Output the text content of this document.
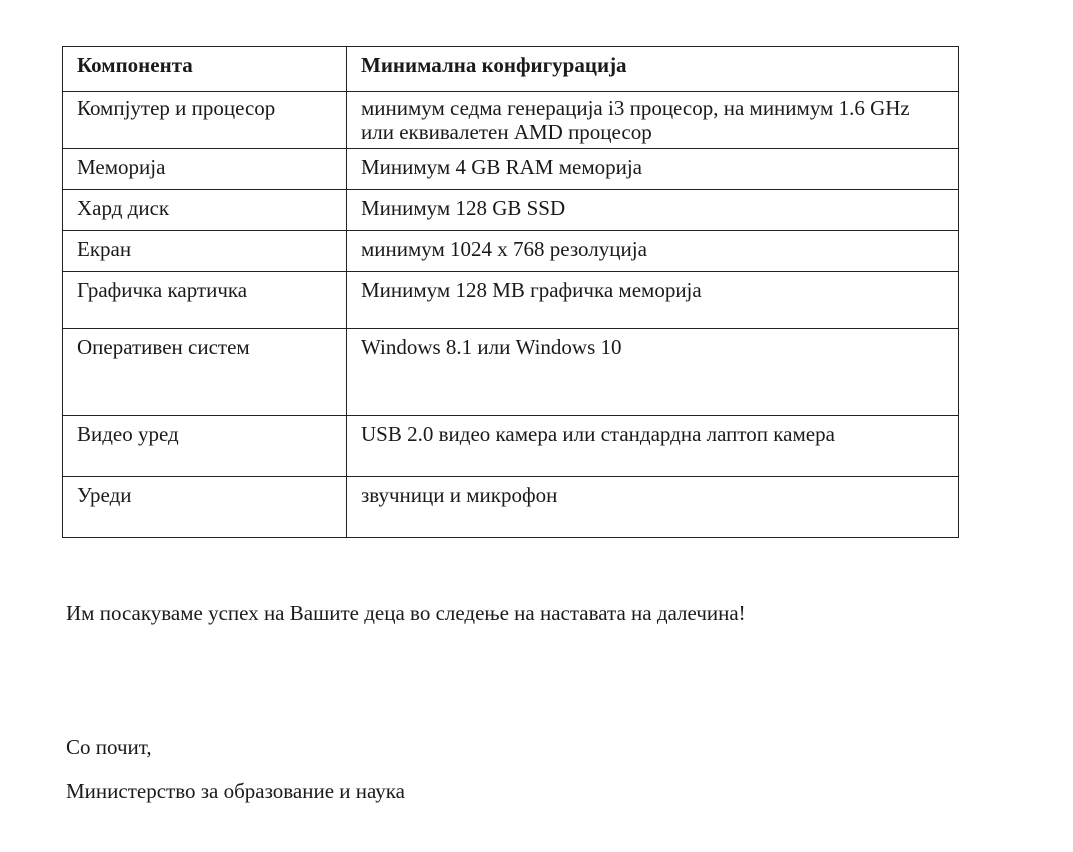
Компонента	Минимална конфигурација
Компјутер и процесор	минимум седма генерација i3 процесор, на минимум 1.6 GHz или еквивалетен AMD процесор
Меморија	Минимум 4 GB RAM меморија
Хард диск	Минимум 128 GB SSD
Екран	минимум 1024 x 768 резолуција
Графичка картичка	Минимум 128 MB графичка меморија
Оперативен систем	Windows 8.1 или Windows 10
Видео уред	USB 2.0 видео камера или стандардна лаптоп камера
Уреди	звучници и микрофон
Им посакуваме успех на Вашите деца во следење на наставата на далечина!
Со почит,
Министерство за образование и наука
